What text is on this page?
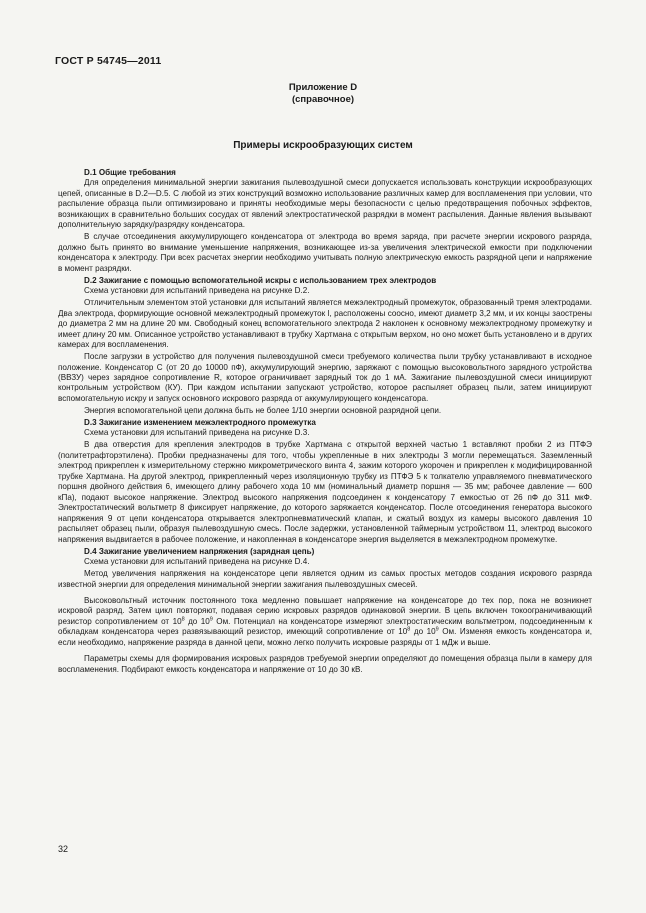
ГОСТ Р 54745—2011
Приложение D
(справочное)
Примеры искрообразующих систем

D.1 Общие требования

Для определения минимальной энергии зажигания пылевоздушной смеси допускается использовать конструкции искрообразующих цепей, описанные в D.2—D.5. С любой из этих конструкций возможно использование различных камер для воспламенения при условии, что распыление образца пыли оптимизировано и приняты необходимые меры безопасности с целью предотвращения побочных эффектов, возникающих в сравнительно больших сосудах от явлений электростатической разрядки в момент распыления. Данные явления вызывают дополнительную зарядку/разрядку конденсатора.

В случае отсоединения аккумулирующего конденсатора от электрода во время заряда, при расчете энергии искрового разряда, должно быть принято во внимание уменьшение напряжения, возникающее из-за увеличения электрической емкости при подключении конденсатора к электроду. При всех расчетах энергии необходимо учитывать полную электрическую емкость разрядной цепи и напряжение в момент разрядки.

D.2 Зажигание с помощью вспомогательной искры с использованием трех электродов

Схема установки для испытаний приведена на рисунке D.2.

Отличительным элементом этой установки для испытаний является межэлектродный промежуток, образованный тремя электродами. Два электрода, формирующие основной межэлектродный промежуток l, расположены соосно, имеют диаметр 3,2 мм, и их концы заострены до диаметра 2 мм на длине 20 мм. Свободный конец вспомогательного электрода 2 наклонен к основному межэлектродному промежутку и имеет длину 20 мм. Описанное устройство устанавливают в трубку Хартмана с открытым верхом, но оно может быть установлено и в других камерах для воспламенения.

После загрузки в устройство для получения пылевоздушной смеси требуемого количества пыли трубку устанавливают в исходное положение. Конденсатор C (от 20 до 10000 пФ), аккумулирующий энергию, заряжают с помощью высоковольтного зарядного устройства (ВВЗУ) через зарядное сопротивление R, которое ограничивает зарядный ток до 1 мА. Зажигание пылевоздушной смеси инициируют контрольным устройством (КУ). При каждом испытании запускают устройство, которое распыляет образец пыли, затем инициируют вспомогательную искру и запуск основного искрового разряда от аккумулирующего конденсатора.

Энергия вспомогательной цепи должна быть не более 1/10 энергии основной разрядной цепи.

D.3 Зажигание изменением межэлектродного промежутка

Схема установки для испытаний приведена на рисунке D.3.

В два отверстия для крепления электродов в трубке Хартмана с открытой верхней частью 1 вставляют пробки 2 из ПТФЭ (политетрафторэтилена). Пробки предназначены для того, чтобы укрепленные в них электроды 3 могли перемещаться. Заземленный электрод прикреплен к измерительному стержню микрометрического винта 4, зажим которого укорочен и прикреплен к модифицированной трубке Хартмана. На другой электрод, прикрепленный через изоляционную трубку из ПТФЭ 5 к толкателю управляемого пневматического поршня двойного действия 6, имеющего длину рабочего хода 10 мм (номинальный диаметр поршня — 35 мм; рабочее давление — 600 кПа), подают высокое напряжение. Электрод высокого напряжения подсоединен к конденсатору 7 емкостью от 26 пФ до 311 мкФ. Электростатический вольтметр 8 фиксирует напряжение, до которого заряжается конденсатор. После отсоединения генератора высокого напряжения 9 от цепи конденсатора открывается электропневматический клапан, и сжатый воздух из камеры высокого давления 10 распыляет образец пыли, образуя пылевоздушную смесь. После задержки, установленной таймерным устройством 11, электрод высокого напряжения выдвигается в рабочее положение, и накопленная в конденсаторе энергия выделяется в межэлектродном промежутке.

D.4 Зажигание увеличением напряжения (зарядная цепь)

Схема установки для испытаний приведена на рисунке D.4.

Метод увеличения напряжения на конденсаторе цепи является одним из самых простых методов создания искрового разряда известной энергии для определения минимальной энергии зажигания пылевоздушных смесей.

Высоковольтный источник постоянного тока медленно повышает напряжение на конденсаторе до тех пор, пока не возникнет искровой разряд. Затем цикл повторяют, подавая серию искровых разрядов одинаковой энергии. В цепь включен токоограничивающий резистор сопротивлением от $10^8$ до $10^9$ Ом. Потенциал на конденсаторе измеряют электростатическим вольтметром, подсоединенным к обкладкам конденсатора через развязывающий резистор, имеющий сопротивление от $10^8$ до $10^9$ Ом. Изменяя емкость конденсатора и, если необходимо, напряжение разряда в данной цепи, можно легко получить искровые разряды от 1 мДж и выше.

Параметры схемы для формирования искровых разрядов требуемой энергии определяют до помещения образца пыли в камеру для воспламенения. Подбирают емкость конденсатора и напряжение от 10 до 30 кВ.

32
